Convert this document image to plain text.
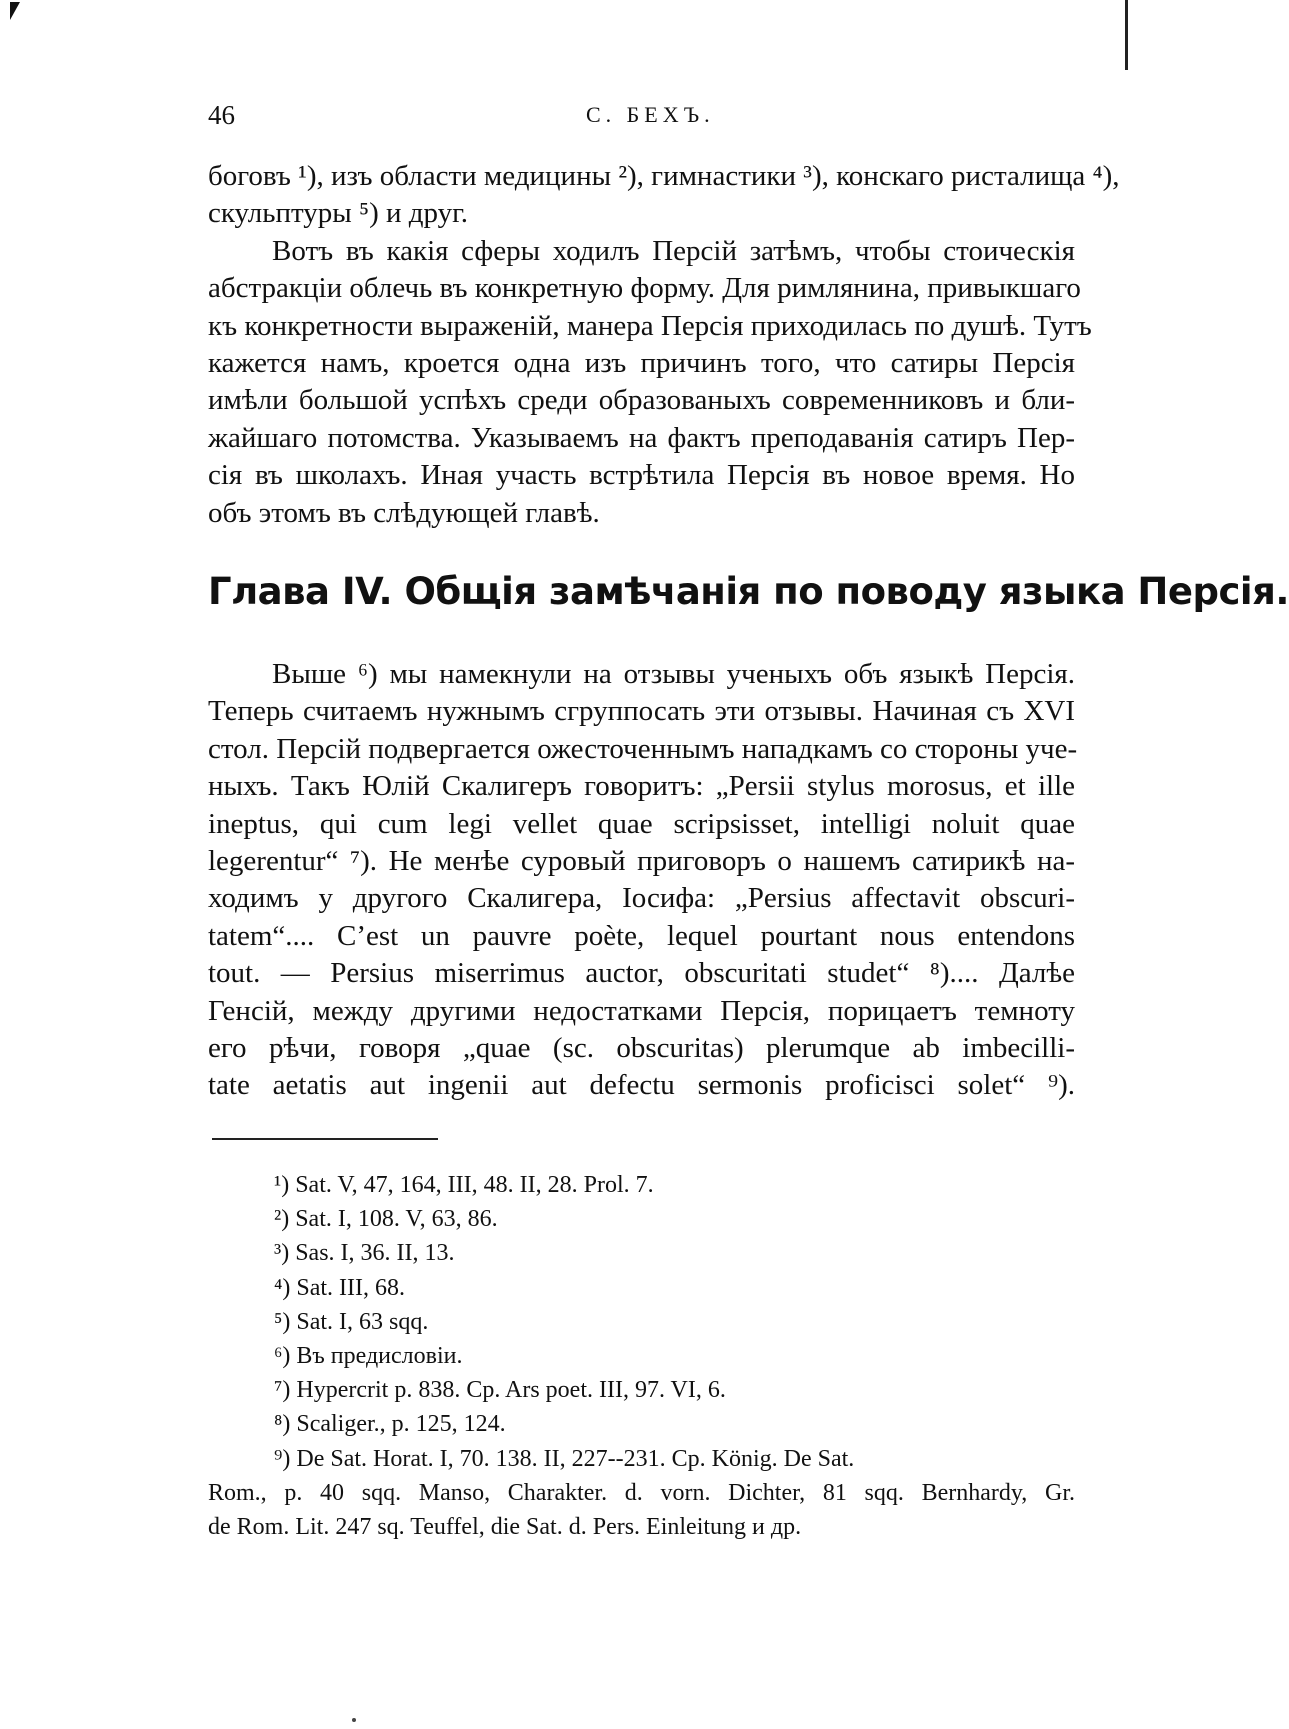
46	С. БЕХЪ.
боговъ ¹), изъ области медицины ²), гимнастики ³), конскаго ристалища ⁴),
скульптуры ⁵) и друг.
Вотъ въ какія сферы ходилъ Персій затѣмъ, чтобы стоическія
абстракціи облечь въ конкретную форму. Для римлянина, привыкшаго
къ конкретности выраженій, манера Персія приходилась по душѣ. Тутъ
кажется намъ, кроется одна изъ причинъ того, что сатиры Персія
имѣли большой успѣхъ среди образованыхъ современниковъ и бли-
жайшаго потомства. Указываемъ на фактъ преподаванія сатиръ Пер-
сія въ школахъ. Иная участь встрѣтила Персія въ новое время. Но
объ этомъ въ слѣдующей главѣ.
Глава IV. Общія замѣчанія по поводу языка Персія.
Выше ⁶) мы намекнули на отзывы ученыхъ объ языкѣ Персія.
Теперь считаемъ нужнымъ сгруппосать эти отзывы. Начиная съ XVI
стол. Персій подвергается ожесточеннымъ нападкамъ со стороны уче-
ныхъ. Такъ Юлій Скалигеръ говоритъ: „Persii stylus morosus, et ille
ineptus, qui cum legi vellet quae scripsisset, intelligi noluit quae
legerentur“ ⁷). Не менѣе суровый приговоръ о нашемъ сатирикѣ на-
ходимъ у другого Скалигера, Іосифа: „Persius affectavit obscuri-
tatem“.... C’est un pauvre poète, lequel pourtant nous entendons
tout. — Persius miserrimus auctor, obscuritati studet“ ⁸).... Далѣе
Генсій, между другими недостатками Персія, порицаетъ темноту
его рѣчи, говоря „quae (sc. obscuritas) plerumque ab imbecilli-
tate aetatis aut ingenii aut defectu sermonis proficisci solet“ ⁹).
¹) Sat. V, 47, 164, III, 48. II, 28. Prol. 7.
²) Sat. I, 108. V, 63, 86.
³) Sas. I, 36. II, 13.
⁴) Sat. III, 68.
⁵) Sat. I, 63 sqq.
⁶) Въ предисловіи.
⁷) Hypercrit p. 838. Cp. Ars poet. III, 97. VI, 6.
⁸) Scaliger., p. 125, 124.
⁹) De Sat. Horat. I, 70. 138. II, 227--231. Cp. König. De Sat.
Rom., p. 40 sqq. Manso, Charakter. d. vorn. Dichter, 81 sqq. Bernhardy, Gr.
de Rom. Lit. 247 sq. Teuffel, die Sat. d. Pers. Einleitung и др.
